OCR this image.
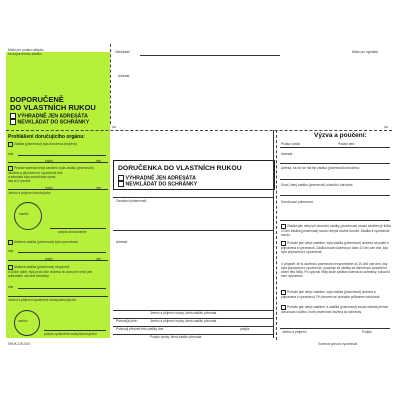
Místo pro podací nálepku
na doporučenou zásilku	Odesílatel:	Místo pro výplatné
Adresát:
DOPORUČENĚ
DO VLASTNÍCH RUKOU
VÝHRADNĚ JEN ADRESÁTA
NEVKLÁDAT DO SCHRÁNKY
✂	✂
Prohlášení doručujícího orgánu:
Zásilka (písemnost) byla doručena (vložena)
dne
hodin	min
Protože adresát nebyl zastižen, byla zásilka (písemnost)
uložena a připravena k vyzvednutí dne
a adresáta byla zanechána výzva,
aby si ji vyzvedl.
hodin	min
Jméno a příjmení doručujícího
razítko
podpis doručovatele
Uložená zásilka (písemnost) byla vyzvednuta
dne
hodin	min
Uložená zásilka (písemnost) nevyzvedl
v úložní době, byla proto dne vložena do domovní nebo jiné
adresátem užívané schránky
dne
Jméno a příjmení oprávněné osoby/doručujícího
razítko
podpis oprávněné osoby/doručujícího
SHUK-100-000
DORUČENKA DO VLASTNÍCH RUKOU
VÝHRADNĚ JEN ADRESÁTA
NEVKLÁDAT DO SCHRÁNKY
Označení písemnosti:
Adresát:
Jméno a příjmení osoby, která zásilku převzala
Převzal(a) dne:	Jméno a příjmení osoby, která zásilku převzala
Potvrzuji převzetí této zásilky dne
Podpis osoby, která zásilku převzala
podpis
Výzva a poučení:
Podací pošta:	Podací den:
Adresát:
Adresa, na níž se má být zásilka (písemnost) doručena:
Soud, který zásilku (písemnost) odesílá k doručení:
Doručovací písemnost:
Zásilka jste nebyl při doručení zásilky (písemnost) soudu zastižen je lhůta 10 dní zásilka (písemnost) soudu nebyla možné doručit. Zásilka k vyzvednutí soudu.
Protože jste nebyl zastižen, byla zásilka (písemnost) uložena na poště a připravena k vyzvednutí. Zásilka bude uložena po dobu 10 dní ode dne, kdy byla připravena k vyzvednutí.
V případě, že si uloženou písemnost nevyzvednete do 10 dnů ode dne, kdy byla připravena k vyzvednutí, považuje se zásilka za doručenou posledním dnem této lhůty. Po uplynutí lhůty bude zásilka vložena do schránky, pokud to není vyloučeno.
Protože jste nebyl zastižen, byla zásilka (písemnost) uložena a připravena k vyzvednutí. Při převzetí se prokažte průkazem totožnosti.
Protože jste nebyl zastižen, a zásilka (písemnost) soudu odeslal přímou doručovací službu, bude písemnost vložena do schránky.
Jméno a příjmení	Podpis
Vzorová výzva k vyzvednutí
